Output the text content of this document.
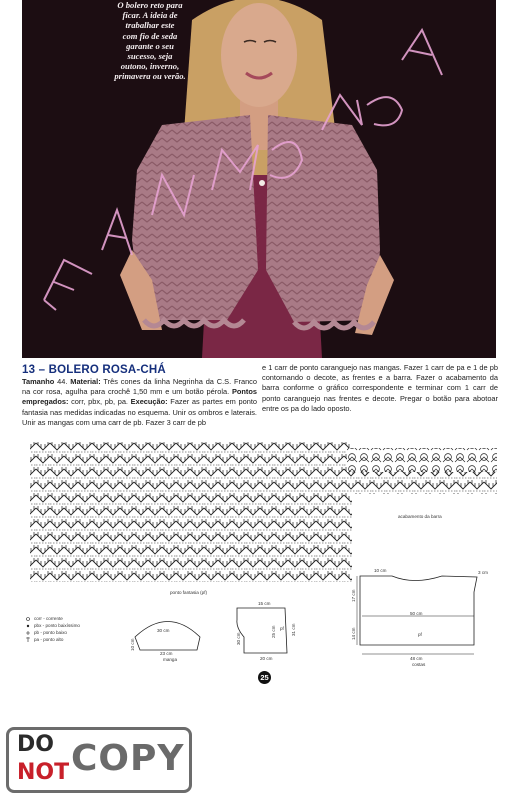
O bolero reto para
ficar. A ideia de
trabalhar este
com fio de seda
garante o seu
sucesso, seja
outono, inverno,
primavera ou verão.
13 – BOLERO ROSA-CHÁ
Tamanho 44. Material: Três cones da linha Negrinha da C.S. Franco na cor rosa, agulha para crochê 1,50 mm e um botão pérola. Pontos empregados: corr, pbx, pb, pa. Execução: Fazer as partes em ponto fantasia nas medidas indicadas no esquema. Unir os ombros e laterais. Unir as mangas com uma carr de pb. Fazer 3 carr de pb
e 1 carr de ponto caranguejo nas mangas. Fazer 1 carr de pa e 1 de pb contornando o decote, as frentes e a barra. Fazer o acabamento da barra conforme o gráfico correspondente e terminar com 1 carr de ponto caranguejo nas frentes e decote. Pregar o botão para abotoar entre os pa do lado oposto.
ponto fantasia (pf)
acabamento da barra
corr - corrente
pbx - ponto baixíssimo
pb - ponto baixo
pa - ponto alto
30 cm
10 cm
23 cm
manga
15 cm
31 cm
25 cm
30 cm
20 cm
pf
10 cm	3 cm
17 cm
50 cm
14 cm	pf
48 cm
costas
25
DO
NOT COPY
